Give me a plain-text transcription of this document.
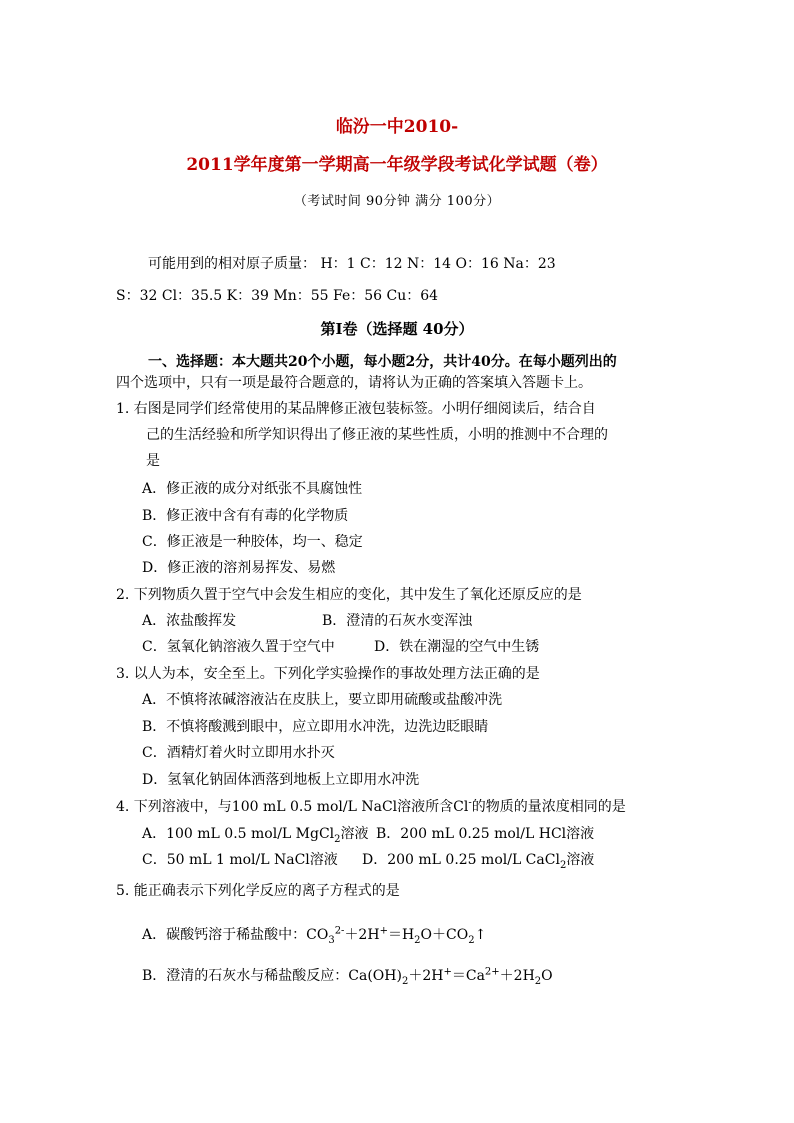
临汾一中2010-
2011学年度第一学期高一年级学段考试化学试题（卷）
（考试时间 90分钟 满分 100分）
可能用到的相对原子质量： H：1 C：12 N：14 O：16 Na：23
S：32 Cl：35.5 K：39 Mn：55 Fe：56 Cu：64
第Ⅰ卷（选择题 40分）
一、选择题：本大题共20个小题，每小题2分，共计40分。在每小题列出的
四个选项中，只有一项是最符合题意的，请将认为正确的答案填入答题卡上。
1. 右图是同学们经常使用的某品牌修正液包装标签。小明仔细阅读后，结合自
己的生活经验和所学知识得出了修正液的某些性质，小明的推测中不合理的
是
A．修正液的成分对纸张不具腐蚀性
B．修正液中含有有毒的化学物质
C．修正液是一种胶体，均一、稳定
D．修正液的溶剂易挥发、易燃
2. 下列物质久置于空气中会发生相应的变化，其中发生了氧化还原反应的是
A．浓盐酸挥发	B．澄清的石灰水变浑浊
C．氢氧化钠溶液久置于空气中	D．铁在潮湿的空气中生锈
3. 以人为本，安全至上。下列化学实验操作的事故处理方法正确的是
A．不慎将浓碱溶液沾在皮肤上，要立即用硫酸或盐酸冲洗
B．不慎将酸溅到眼中，应立即用水冲洗，边洗边眨眼睛
C．酒精灯着火时立即用水扑灭
D．氢氧化钠固体洒落到地板上立即用水冲洗
4. 下列溶液中，与100 mL 0.5 mol/L NaCl溶液所含Cl-的物质的量浓度相同的是
A．100 mL 0.5 mol/L MgCl$_2$溶液 B．200 mL 0.25 mol/L HCl溶液
C．50 mL 1 mol/L NaCl溶液 D．200 mL 0.25 mol/L CaCl$_2$溶液
5. 能正确表示下列化学反应的离子方程式的是
A．碳酸钙溶于稀盐酸中：$CO_3^{2-}+2H^+=H_2O+CO_2↑$
B．澄清的石灰水与稀盐酸反应：$Ca(OH)_2+2H^+=Ca^{2+}+2H_2O$
